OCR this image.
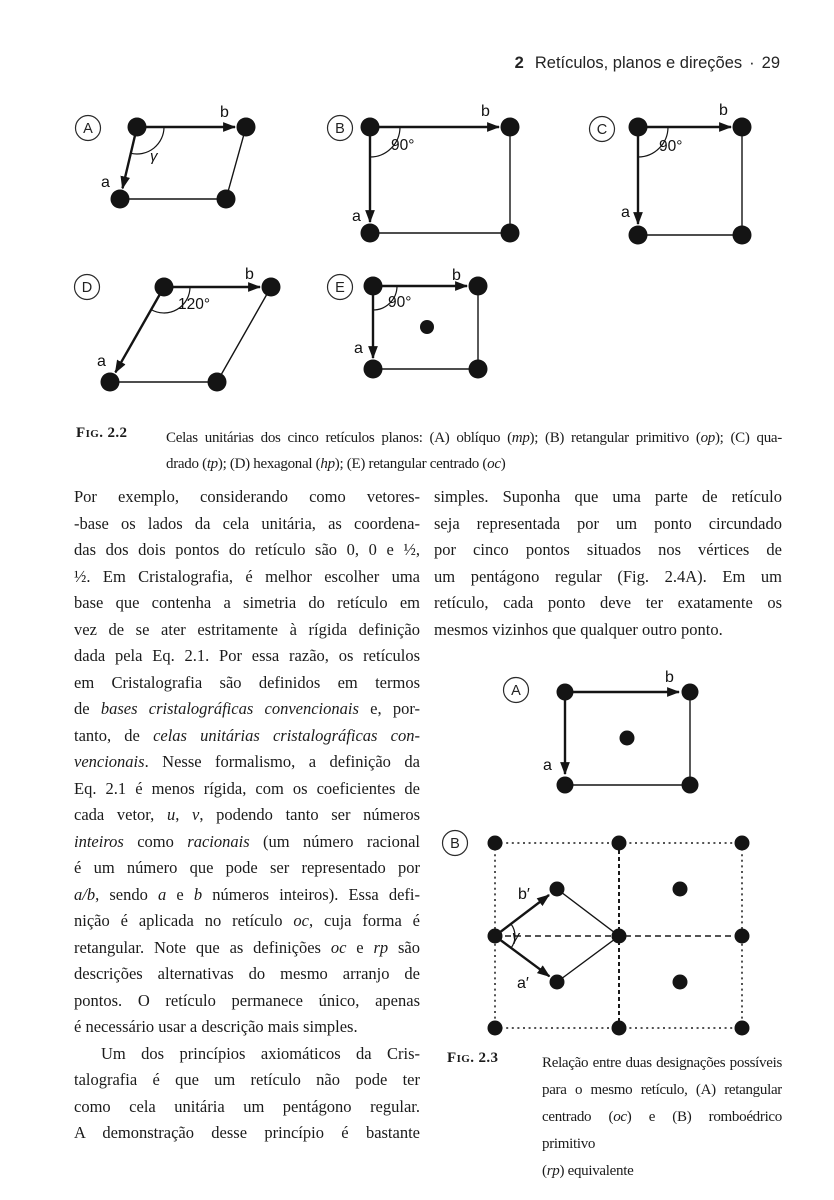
2 Retículos, planos e direções · 29
A
b
a
γ
B
b
a
90°
C
b
a
90°
D
b
a
120°
E
b
a
90°
A
b
a
B
b′
a′
γ
Fig. 2.2	Celas unitárias dos cinco retículos planos: (A) oblíquo (mp); (B) retangular primitivo (op); (C) qua-
drado (tp); (D) hexagonal (hp); (E) retangular centrado (oc)
Por exemplo, considerando como vetores-
-base os lados da cela unitária, as coordena-
das dos dois pontos do retículo são 0, 0 e ½,
½. Em Cristalografia, é melhor escolher uma
base que contenha a simetria do retículo em
vez de se ater estritamente à rígida definição
dada pela Eq. 2.1. Por essa razão, os retículos
em Cristalografia são definidos em termos
de bases cristalográficas convencionais e, por-
tanto, de celas unitárias cristalográficas con-
vencionais. Nesse formalismo, a definição da
Eq. 2.1 é menos rígida, com os coeficientes de
cada vetor, u, v, podendo tanto ser números
inteiros como racionais (um número racional
é um número que pode ser representado por
a/b, sendo a e b números inteiros). Essa defi-
nição é aplicada no retículo oc, cuja forma é
retangular. Note que as definições oc e rp são
descrições alternativas do mesmo arranjo de
pontos. O retículo permanece único, apenas
é necessário usar a descrição mais simples.
Um dos princípios axiomáticos da Cris-
talografia é que um retículo não pode ter
como cela unitária um pentágono regular.
A demonstração desse princípio é bastante
simples. Suponha que uma parte de retículo
seja representada por um ponto circundado
por cinco pontos situados nos vértices de
um pentágono regular (Fig. 2.4A). Em um
retículo, cada ponto deve ter exatamente os
mesmos vizinhos que qualquer outro ponto.
Fig. 2.3	Relação entre duas designações possíveis
para o mesmo retículo, (A) retangular
centrado (oc) e (B) romboédrico primitivo
(rp) equivalente
